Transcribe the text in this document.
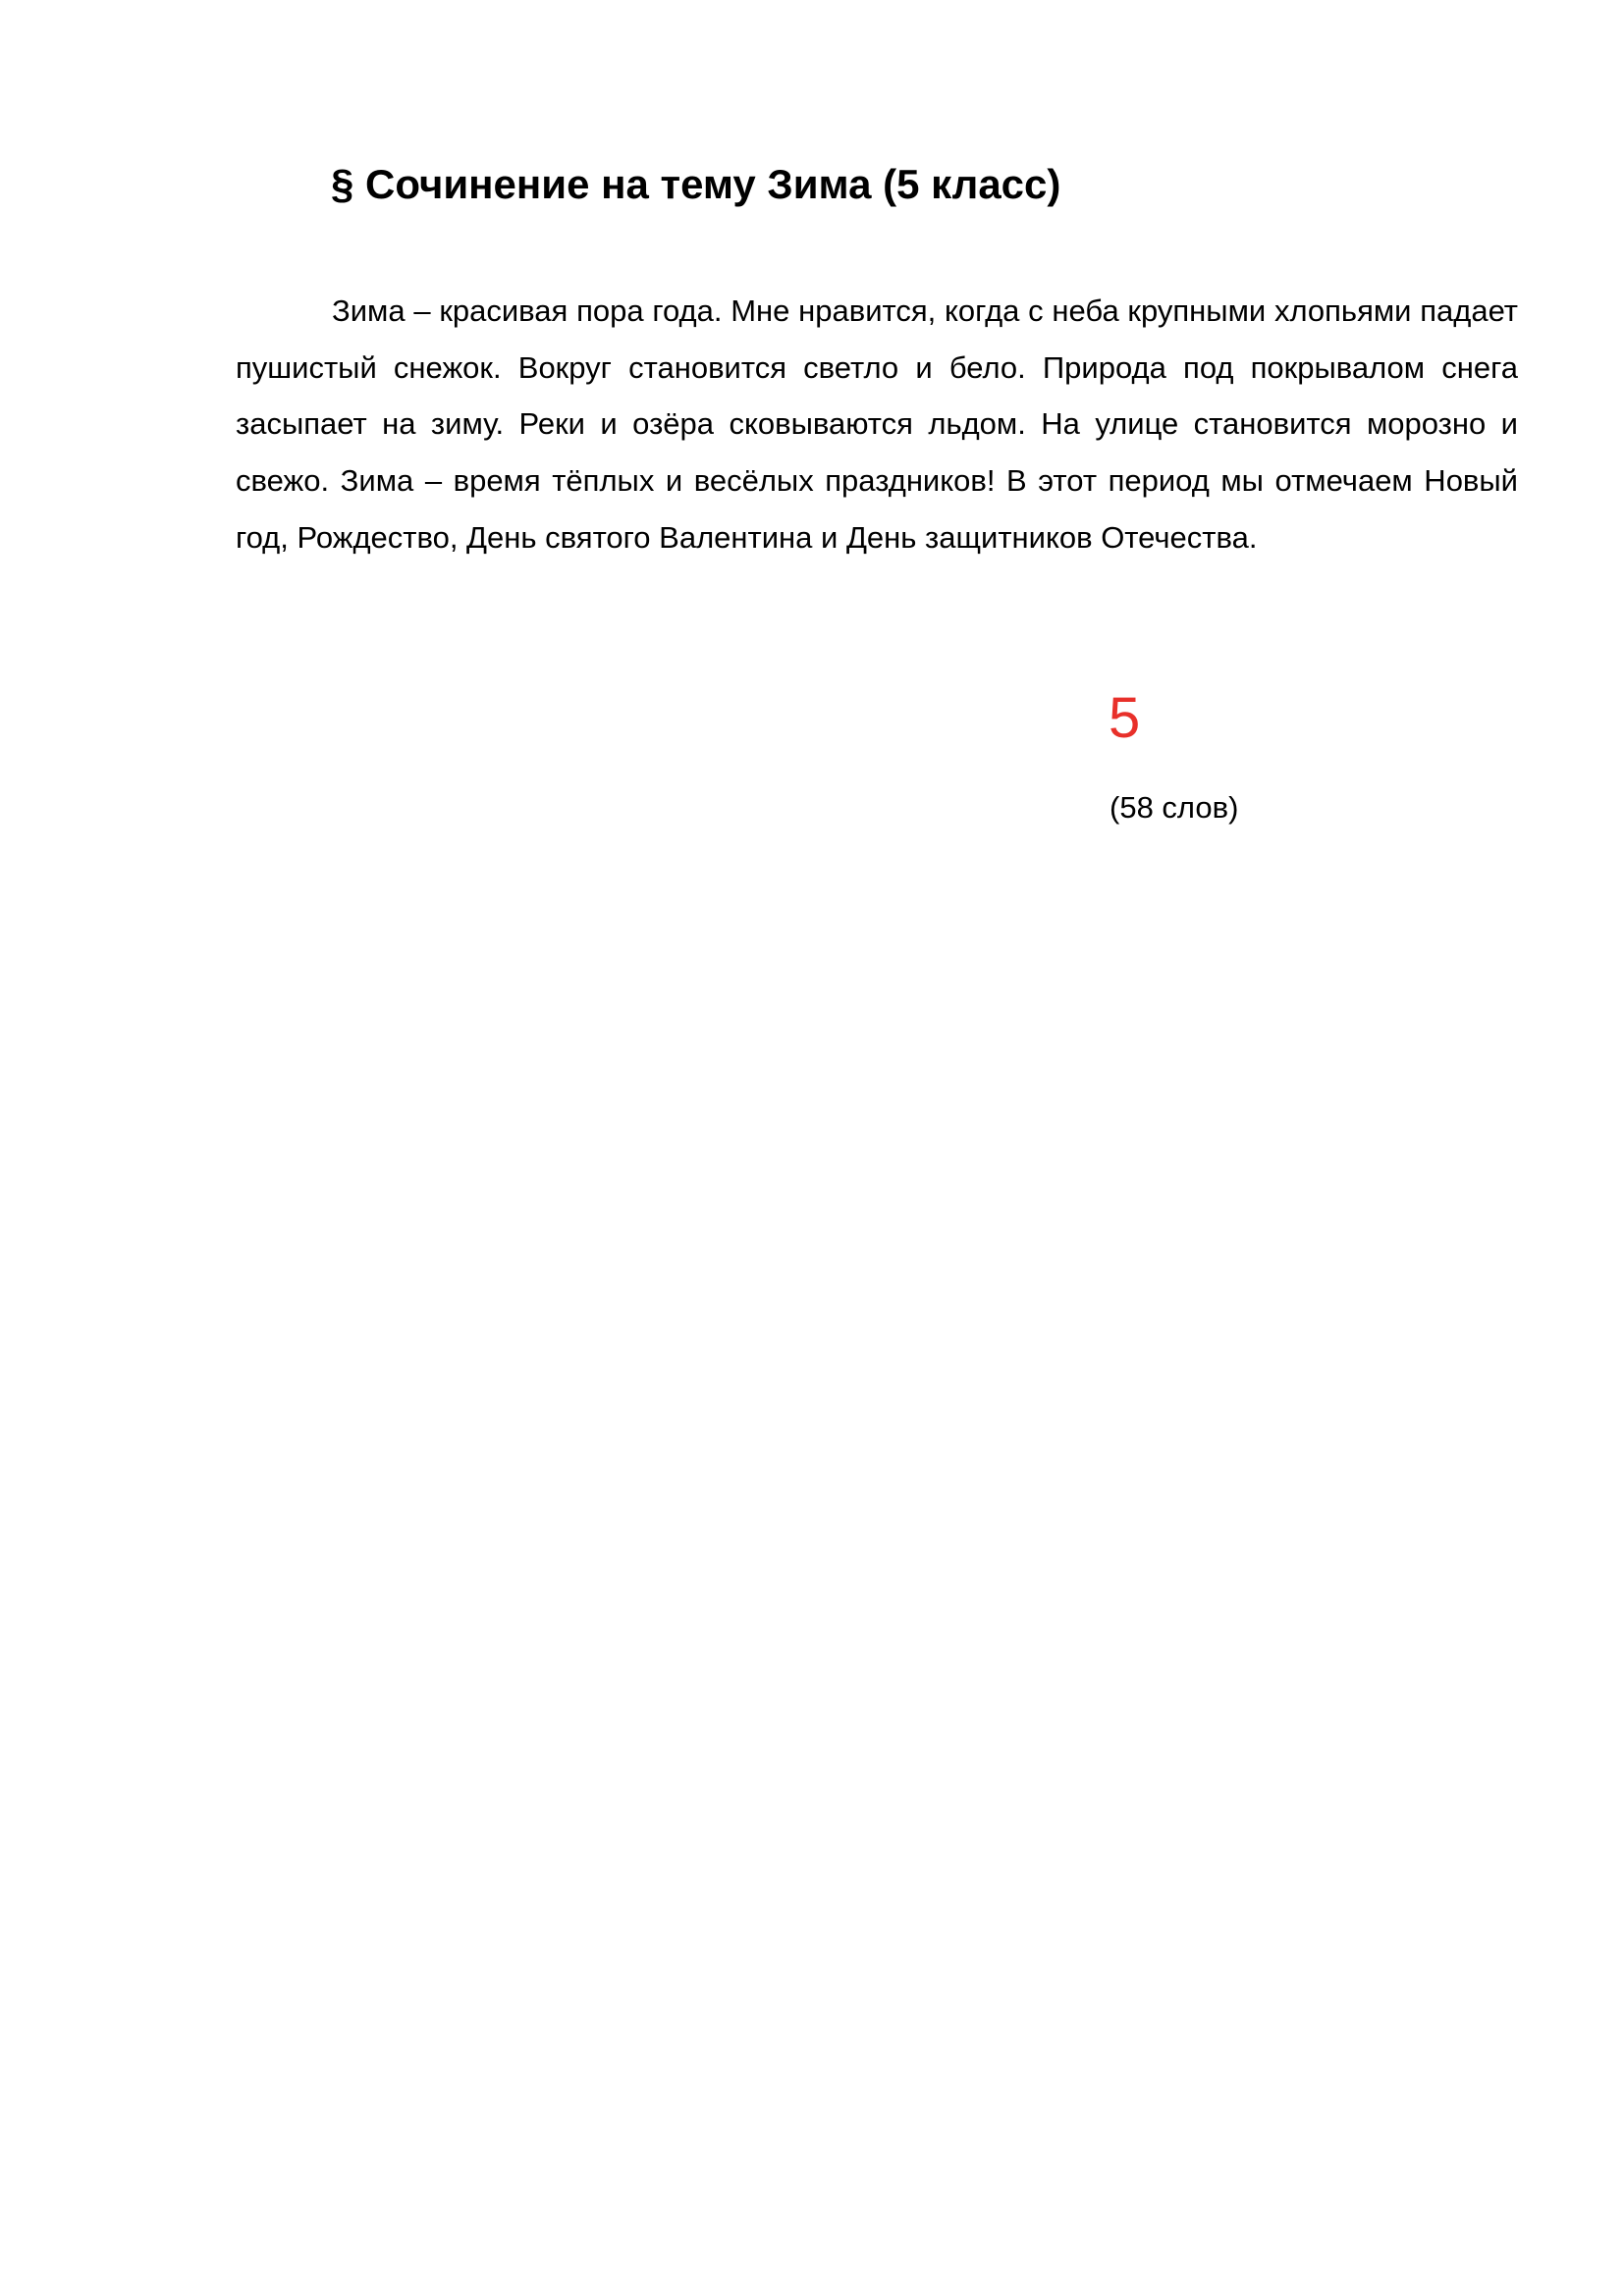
§ Сочинение на тему Зима (5 класс)

Зима – красивая пора года. Мне нравится, когда с неба крупными хлопьями падает пушистый снежок. Вокруг становится светло и бело. Природа под покрывалом снега засыпает на зиму. Реки и озёра сковываются льдом. На улице становится морозно и свежо. Зима – время тёплых и весёлых праздников! В этот период мы отмечаем Новый год, Рождество, День святого Валентина и День защитников Отечества.

5
(58 слов)
